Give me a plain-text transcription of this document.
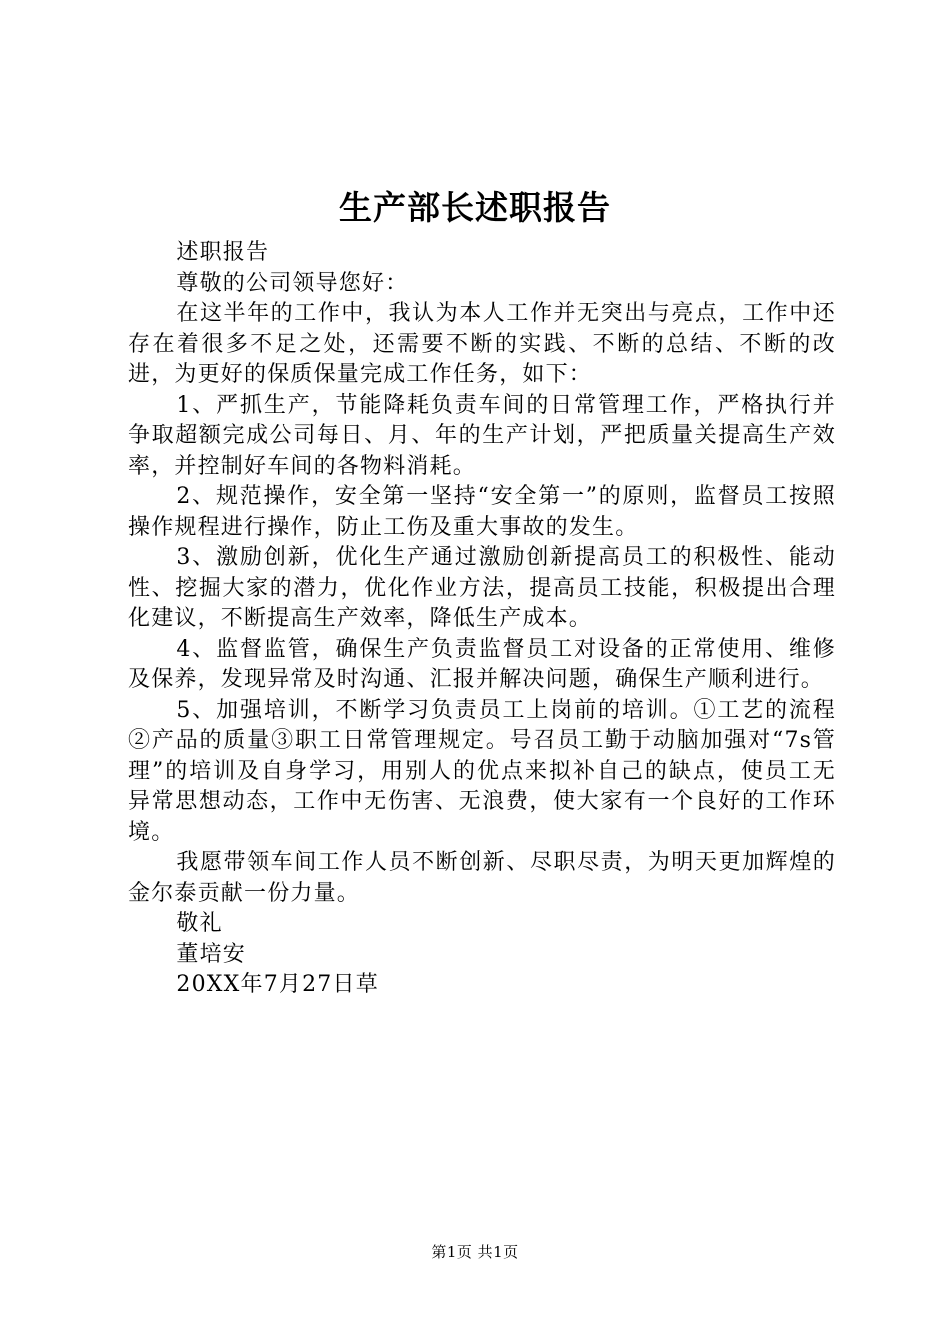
生产部长述职报告

述职报告

尊敬的公司领导您好：

在这半年的工作中，我认为本人工作并无突出与亮点，工作中还存在着很多不足之处，还需要不断的实践、不断的总结、不断的改进，为更好的保质保量完成工作任务，如下：

1、严抓生产，节能降耗负责车间的日常管理工作，严格执行并争取超额完成公司每日、月、年的生产计划，严把质量关提高生产效率，并控制好车间的各物料消耗。

2、规范操作，安全第一坚持“安全第一”的原则，监督员工按照操作规程进行操作，防止工伤及重大事故的发生。

3、激励创新，优化生产通过激励创新提高员工的积极性、能动性、挖掘大家的潜力，优化作业方法，提高员工技能，积极提出合理化建议，不断提高生产效率，降低生产成本。

4、监督监管，确保生产负责监督员工对设备的正常使用、维修及保养，发现异常及时沟通、汇报并解决问题，确保生产顺利进行。

5、加强培训，不断学习负责员工上岗前的培训。①工艺的流程②产品的质量③职工日常管理规定。号召员工勤于动脑加强对“7s管理”的培训及自身学习，用别人的优点来拟补自己的缺点，使员工无异常思想动态，工作中无伤害、无浪费，使大家有一个良好的工作环境。

我愿带领车间工作人员不断创新、尽职尽责，为明天更加辉煌的金尔泰贡献一份力量。

敬礼

董培安

20XX年7月27日草

第1页 共1页
